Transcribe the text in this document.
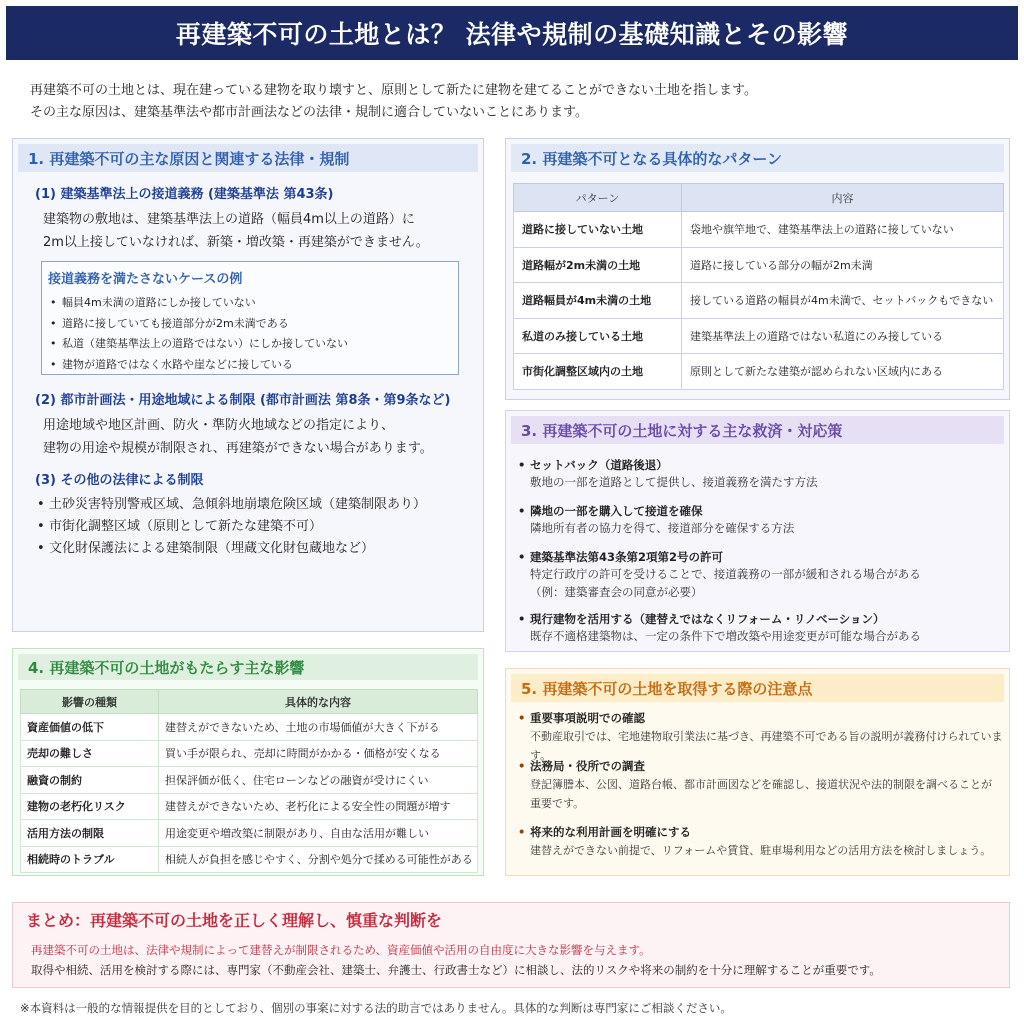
再建築不可の土地とは？ 法律や規制の基礎知識とその影響
再建築不可の土地とは、現在建っている建物を取り壊すと、原則として新たに建物を建てることができない土地を指します。
その主な原因は、建築基準法や都市計画法などの法律・規制に適合していないことにあります。
1. 再建築不可の主な原因と関連する法律・規制
(1) 建築基準法上の接道義務 (建築基準法 第43条)
建築物の敷地は、建築基準法上の道路（幅員4m以上の道路）に
2m以上接していなければ、新築・増改築・再建築ができません。
接道義務を満たさないケースの例
• 幅員4m未満の道路にしか接していない
• 道路に接していても接道部分が2m未満である
• 私道（建築基準法上の道路ではない）にしか接していない
• 建物が道路ではなく水路や崖などに接している
(2) 都市計画法・用途地域による制限 (都市計画法 第8条・第9条など)
用途地域や地区計画、防火・準防火地域などの指定により、
建物の用途や規模が制限され、再建築ができない場合があります。
(3) その他の法律による制限
• 土砂災害特別警戒区域、急傾斜地崩壊危険区域（建築制限あり）
• 市街化調整区域（原則として新たな建築不可）
• 文化財保護法による建築制限（埋蔵文化財包蔵地など）
2. 再建築不可となる具体的なパターン
パターン	内容
道路に接していない土地	袋地や旗竿地で、建築基準法上の道路に接していない
道路幅が2m未満の土地	道路に接している部分の幅が2m未満
道路幅員が4m未満の土地	接している道路の幅員が4m未満で、セットバックもできない
私道のみ接している土地	建築基準法上の道路ではない私道にのみ接している
市街化調整区域内の土地	原則として新たな建築が認められない区域内にある
3. 再建築不可の土地に対する主な救済・対応策
• セットバック（道路後退）
敷地の一部を道路として提供し、接道義務を満たす方法
• 隣地の一部を購入して接道を確保
隣地所有者の協力を得て、接道部分を確保する方法
• 建築基準法第43条第2項第2号の許可
特定行政庁の許可を受けることで、接道義務の一部が緩和される場合がある
（例：建築審査会の同意が必要）
• 現行建物を活用する（建替えではなくリフォーム・リノベーション）
既存不適格建築物は、一定の条件下で増改築や用途変更が可能な場合がある
4. 再建築不可の土地がもたらす主な影響
影響の種類	具体的な内容
資産価値の低下	建替えができないため、土地の市場価値が大きく下がる
売却の難しさ	買い手が限られ、売却に時間がかかる・価格が安くなる
融資の制約	担保評価が低く、住宅ローンなどの融資が受けにくい
建物の老朽化リスク	建替えができないため、老朽化による安全性の問題が増す
活用方法の制限	用途変更や増改築に制限があり、自由な活用が難しい
相続時のトラブル	相続人が負担を感じやすく、分割や処分で揉める可能性がある
5. 再建築不可の土地を取得する際の注意点
• 重要事項説明での確認
不動産取引では、宅地建物取引業法に基づき、再建築不可である旨の説明が義務付けられています。
• 法務局・役所での調査
登記簿謄本、公図、道路台帳、都市計画図などを確認し、接道状況や法的制限を調べることが
重要です。
• 将来的な利用計画を明確にする
建替えができない前提で、リフォームや賃貸、駐車場利用などの活用方法を検討しましょう。
まとめ：再建築不可の土地を正しく理解し、慎重な判断を
再建築不可の土地は、法律や規制によって建替えが制限されるため、資産価値や活用の自由度に大きな影響を与えます。
取得や相続、活用を検討する際には、専門家（不動産会社、建築士、弁護士、行政書士など）に相談し、法的リスクや将来の制約を十分に理解することが重要です。
※本資料は一般的な情報提供を目的としており、個別の事案に対する法的助言ではありません。具体的な判断は専門家にご相談ください。
